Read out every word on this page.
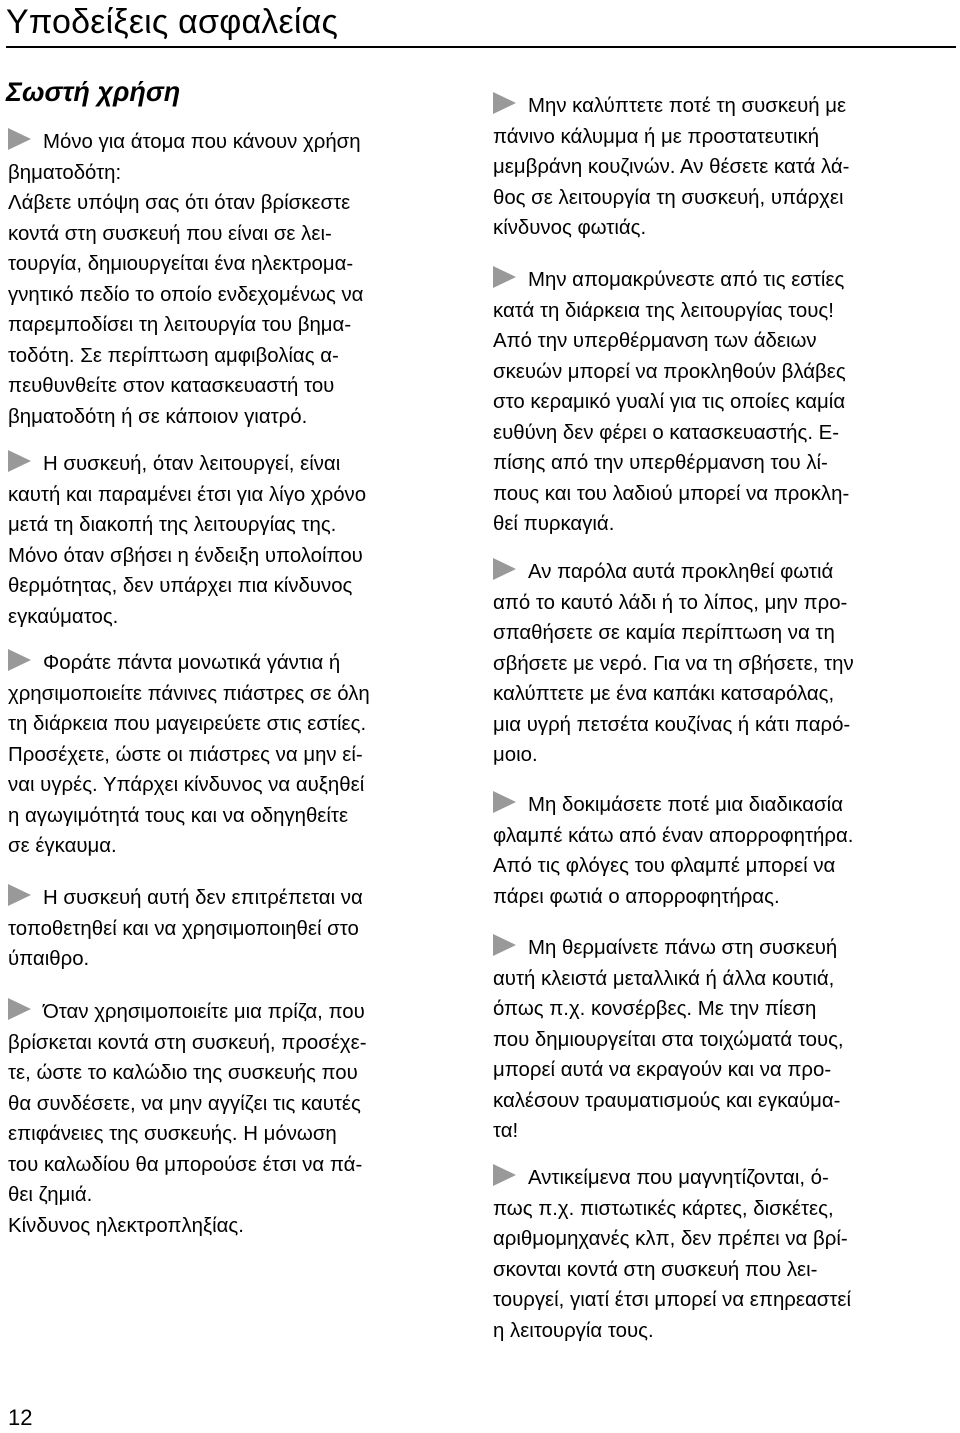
Υποδείξεις ασφαλείας
Σωστή χρήση
Μόνο για άτομα που κάνουν χρήση
βηματοδότη:
Λάβετε υπόψη σας ότι όταν βρίσκεστε
κοντά στη συσκευή που είναι σε λει-
τουργία, δημιουργείται ένα ηλεκτρομα-
γνητικό πεδίο το οποίο ενδεχομένως να
παρεμποδίσει τη λειτουργία του βημα-
τοδότη. Σε περίπτωση αμφιβολίας α-
πευθυνθείτε στον κατασκευαστή του
βηματοδότη ή σε κάποιον γιατρό.
Η συσκευή, όταν λειτουργεί, είναι
καυτή και παραμένει έτσι για λίγο χρόνο
μετά τη διακοπή της λειτουργίας της.
Μόνο όταν σβήσει η ένδειξη υπολοίπου
θερμότητας, δεν υπάρχει πια κίνδυνος
εγκαύματος.
Φοράτε πάντα μονωτικά γάντια ή
χρησιμοποιείτε πάνινες πιάστρες σε όλη
τη διάρκεια που μαγειρεύετε στις εστίες.
Προσέχετε, ώστε οι πιάστρες να μην εί-
ναι υγρές. Υπάρχει κίνδυνος να αυξηθεί
η αγωγιμότητά τους και να οδηγηθείτε
σε έγκαυμα.
Η συσκευή αυτή δεν επιτρέπεται να
τοποθετηθεί και να χρησιμοποιηθεί στο
ύπαιθρο.
Όταν χρησιμοποιείτε μια πρίζα, που
βρίσκεται κοντά στη συσκευή, προσέχε-
τε, ώστε το καλώδιο της συσκευής που
θα συνδέσετε, να μην αγγίζει τις καυτές
επιφάνειες της συσκευής. Η μόνωση
του καλωδίου θα μπορούσε έτσι να πά-
θει ζημιά.
Κίνδυνος ηλεκτροπληξίας.
Μην καλύπτετε ποτέ τη συσκευή με
πάνινο κάλυμμα ή με προστατευτική
μεμβράνη κουζινών. Αν θέσετε κατά λά-
θος σε λειτουργία τη συσκευή, υπάρχει
κίνδυνος φωτιάς.
Μην απομακρύνεστε από τις εστίες
κατά τη διάρκεια της λειτουργίας τους!
Από την υπερθέρμανση των άδειων
σκευών μπορεί να προκληθούν βλάβες
στο κεραμικό γυαλί για τις οποίες καμία
ευθύνη δεν φέρει ο κατασκευαστής. Ε-
πίσης από την υπερθέρμανση του λί-
πους και του λαδιού μπορεί να προκλη-
θεί πυρκαγιά.
Αν παρόλα αυτά προκληθεί φωτιά
από το καυτό λάδι ή το λίπος, μην προ-
σπαθήσετε σε καμία περίπτωση να τη
σβήσετε με νερό. Για να τη σβήσετε, την
καλύπτετε με ένα καπάκι κατσαρόλας,
μια υγρή πετσέτα κουζίνας ή κάτι παρό-
μοιο.
Μη δοκιμάσετε ποτέ μια διαδικασία
φλαμπέ κάτω από έναν απορροφητήρα.
Από τις φλόγες του φλαμπέ μπορεί να
πάρει φωτιά ο απορροφητήρας.
Μη θερμαίνετε πάνω στη συσκευή
αυτή κλειστά μεταλλικά ή άλλα κουτιά,
όπως π.χ. κονσέρβες. Με την πίεση
που δημιουργείται στα τοιχώματά τους,
μπορεί αυτά να εκραγούν και να προ-
καλέσουν τραυματισμούς και εγκαύμα-
τα!
Αντικείμενα που μαγνητίζονται, ό-
πως π.χ. πιστωτικές κάρτες, δισκέτες,
αριθμομηχανές κλπ, δεν πρέπει να βρί-
σκονται κοντά στη συσκευή που λει-
τουργεί, γιατί έτσι μπορεί να επηρεαστεί
η λειτουργία τους.
12
